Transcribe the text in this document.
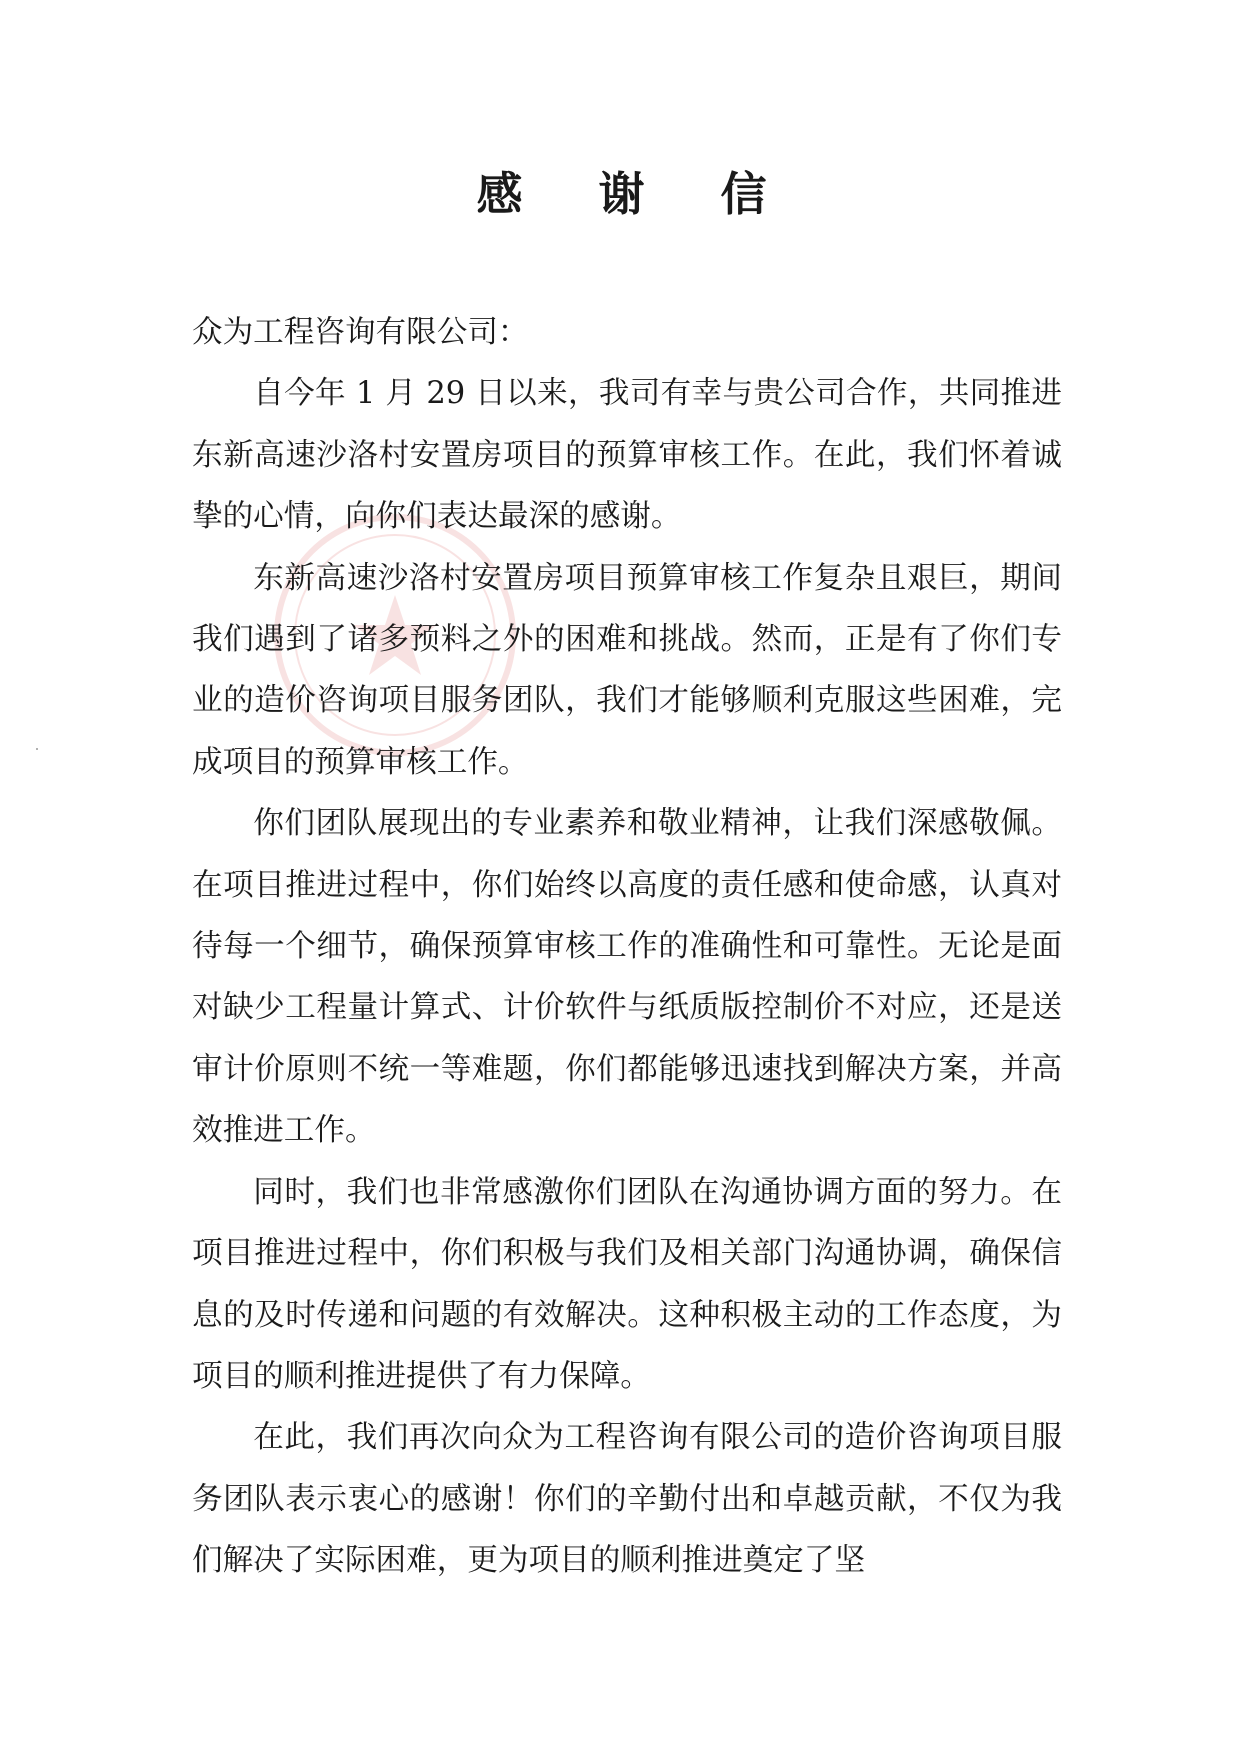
感 谢 信

众为工程咨询有限公司：

自今年 1 月 29 日以来，我司有幸与贵公司合作，共同推进东新高速沙洛村安置房项目的预算审核工作。在此，我们怀着诚挚的心情，向你们表达最深的感谢。

东新高速沙洛村安置房项目预算审核工作复杂且艰巨，期间我们遇到了诸多预料之外的困难和挑战。然而，正是有了你们专业的造价咨询项目服务团队，我们才能够顺利克服这些困难，完成项目的预算审核工作。

你们团队展现出的专业素养和敬业精神，让我们深感敬佩。在项目推进过程中，你们始终以高度的责任感和使命感，认真对待每一个细节，确保预算审核工作的准确性和可靠性。无论是面对缺少工程量计算式、计价软件与纸质版控制价不对应，还是送审计价原则不统一等难题，你们都能够迅速找到解决方案，并高效推进工作。

同时，我们也非常感激你们团队在沟通协调方面的努力。在项目推进过程中，你们积极与我们及相关部门沟通协调，确保信息的及时传递和问题的有效解决。这种积极主动的工作态度，为项目的顺利推进提供了有力保障。

在此，我们再次向众为工程咨询有限公司的造价咨询项目服务团队表示衷心的感谢！你们的辛勤付出和卓越贡献，不仅为我们解决了实际困难，更为项目的顺利推进奠定了坚
